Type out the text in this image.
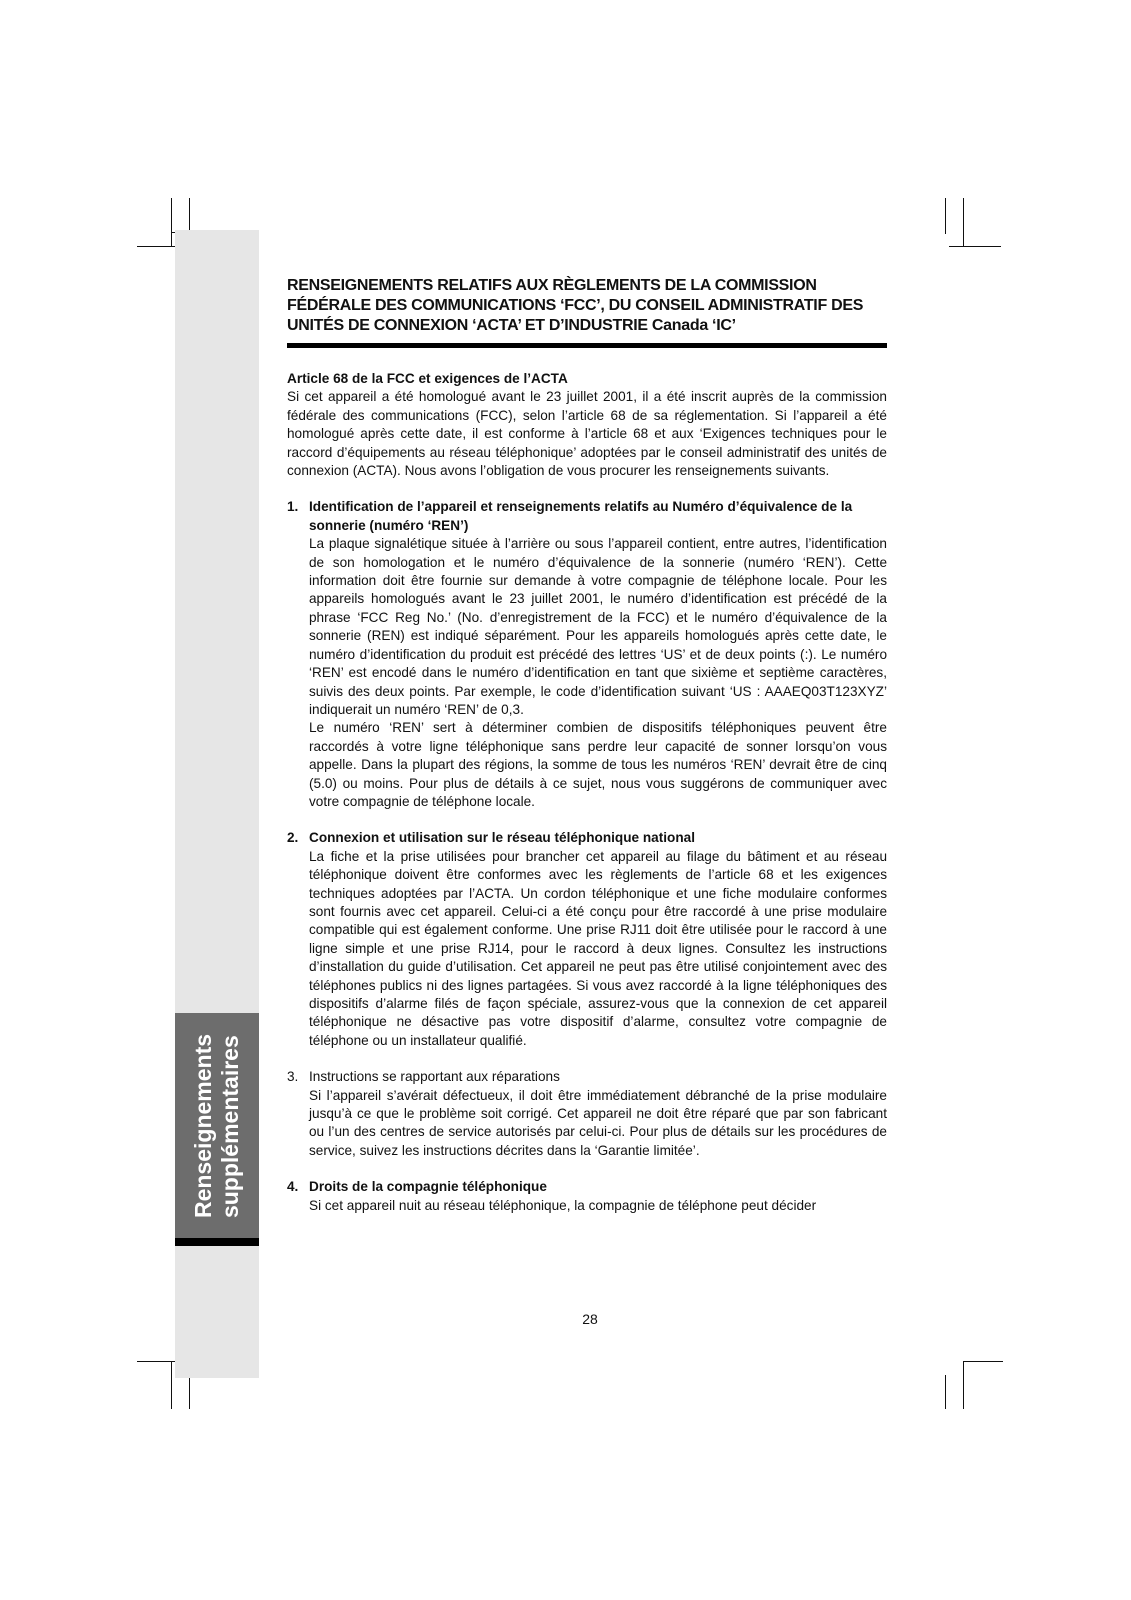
Renseignements supplémentaires
RENSEIGNEMENTS RELATIFS AUX RÈGLEMENTS DE LA COMMISSION FÉDÉRALE DES COMMUNICATIONS ‘FCC’, DU CONSEIL ADMINISTRATIF DES UNITÉS DE CONNEXION ‘ACTA’ ET D’INDUSTRIE Canada ‘IC’

Article 68 de la FCC et exigences de l’ACTA

Si cet appareil a été homologué avant le 23 juillet 2001, il a été inscrit auprès de la commission fédérale des communications (FCC), selon l’article 68 de sa réglementation. Si l’appareil a été homologué après cette date, il est conforme à l’article 68 et aux ‘Exigences techniques pour le raccord d’équipements au réseau téléphonique’ adoptées par le conseil administratif des unités de connexion (ACTA). Nous avons l’obligation de vous procurer les renseignements suivants.

1. Identification de l’appareil et renseignements relatifs au Numéro d’équivalence de la sonnerie (numéro ‘REN’)

La plaque signalétique située à l’arrière ou sous l’appareil contient, entre autres, l’identification de son homologation et le numéro d’équivalence de la sonnerie (numéro ‘REN’). Cette information doit être fournie sur demande à votre compagnie de téléphone locale. Pour les appareils homologués avant le 23 juillet 2001, le numéro d’identification est précédé de la phrase ‘FCC Reg No.’ (No. d’enregistrement de la FCC) et le numéro d’équivalence de la sonnerie (REN) est indiqué séparément. Pour les appareils homologués après cette date, le numéro d’identification du produit est précédé des lettres ‘US’ et de deux points (:). Le numéro ‘REN’ est encodé dans le numéro d’identification en tant que sixième et septième caractères, suivis des deux points. Par exemple, le code d’identification suivant ‘US : AAAEQ03T123XYZ’ indiquerait un numéro ‘REN’ de 0,3.

Le numéro ‘REN’ sert à déterminer combien de dispositifs téléphoniques peuvent être raccordés à votre ligne téléphonique sans perdre leur capacité de sonner lorsqu’on vous appelle. Dans la plupart des régions, la somme de tous les numéros ‘REN’ devrait être de cinq (5.0) ou moins. Pour plus de détails à ce sujet, nous vous suggérons de communiquer avec votre compagnie de téléphone locale.

2. Connexion et utilisation sur le réseau téléphonique national

La fiche et la prise utilisées pour brancher cet appareil au filage du bâtiment et au réseau téléphonique doivent être conformes avec les règlements de l’article 68 et les exigences techniques adoptées par l’ACTA. Un cordon téléphonique et une fiche modulaire conformes sont fournis avec cet appareil. Celui-ci a été conçu pour être raccordé à une prise modulaire compatible qui est également conforme. Une prise RJ11 doit être utilisée pour le raccord à une ligne simple et une prise RJ14, pour le raccord à deux lignes. Consultez les instructions d’installation du guide d’utilisation. Cet appareil ne peut pas être utilisé conjointement avec des téléphones publics ni des lignes partagées. Si vous avez raccordé à la ligne téléphoniques des dispositifs d’alarme filés de façon spéciale, assurez-vous que la connexion de cet appareil téléphonique ne désactive pas votre dispositif d’alarme, consultez votre compagnie de téléphone ou un installateur qualifié.

3. Instructions se rapportant aux réparations

Si l’appareil s’avérait défectueux, il doit être immédiatement débranché de la prise modulaire jusqu’à ce que le problème soit corrigé. Cet appareil ne doit être réparé que par son fabricant ou l’un des centres de service autorisés par celui-ci. Pour plus de détails sur les procédures de service, suivez les instructions décrites dans la ‘Garantie limitée’.

4. Droits de la compagnie téléphonique

Si cet appareil nuit au réseau téléphonique, la compagnie de téléphone peut décider

28
